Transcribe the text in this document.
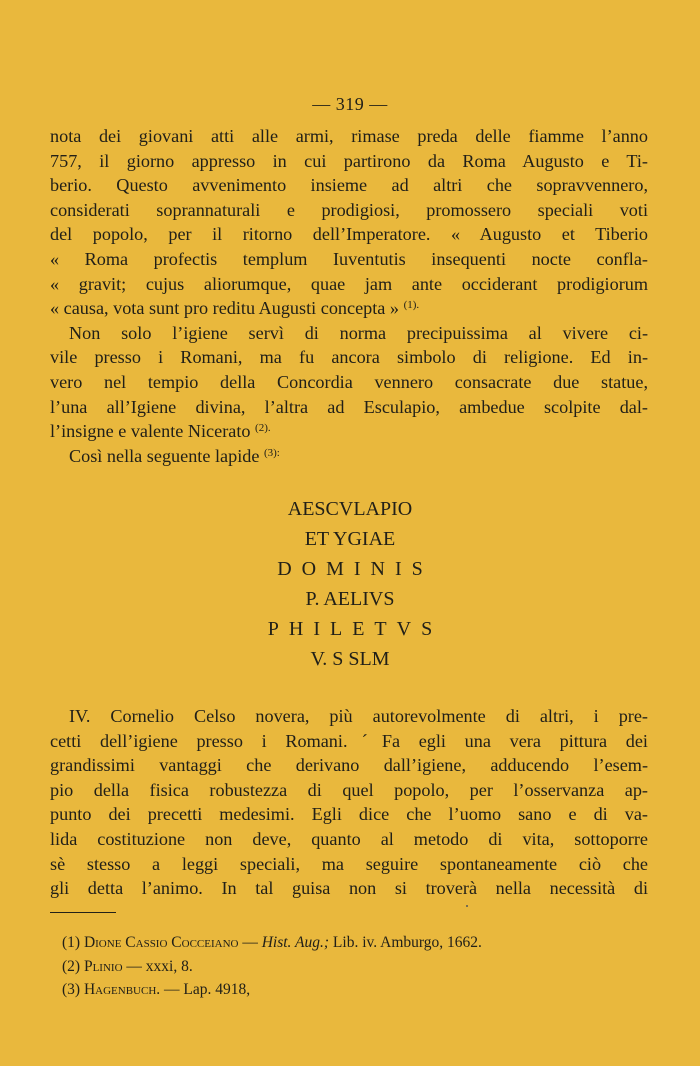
— 319 —
nota dei giovani atti alle armi, rimase preda delle fiamme l’anno
757, il giorno appresso in cui partirono da Roma Augusto e Ti-
berio. Questo avvenimento insieme ad altri che sopravvennero,
considerati soprannaturali e prodigiosi, promossero speciali voti
del popolo, per il ritorno dell’Imperatore. « Augusto et Tiberio
« Roma profectis templum Iuventutis insequenti nocte confla-
« gravit; cujus aliorumque, quae jam ante occiderant prodigiorum
« causa, vota sunt pro reditu Augusti concepta » $^{(1).}$
Non solo l’igiene servì di norma precipuissima al vivere ci-
vile presso i Romani, ma fu ancora simbolo di religione. Ed in-
vero nel tempio della Concordia vennero consacrate due statue,
l’una all’Igiene divina, l’altra ad Esculapio, ambedue scolpite dal-
l’insigne e valente Nicerato $^{(2).}$
Così nella seguente lapide $^{(3):}$
AESCVLAPIO
ET YGIAE
DOMINIS
P. AELIVS
PHILETVS
V. S SLM
IV. Cornelio Celso novera, più autorevolmente di altri, i pre-
cetti dell’igiene presso i Romani.ˊFa egli una vera pittura dei
grandissimi vantaggi che derivano dall’igiene, adducendo l’esem-
pio della fisica robustezza di quel popolo, per l’osservanza ap-
punto dei precetti medesimi. Egli dice che l’uomo sano e di va-
lida costituzione non deve, quanto al metodo di vita, sottoporre
sè stesso a leggi speciali, ma seguire spontaneamente ciò che
gli detta l’animo. In tal guisa non si troverà nella necessità di
(1) Dione Cassio Cocceiano — Hist. Aug.; Lib. iv. Amburgo, 1662.
(2) Plinio — xxxi, 8.
(3) Hagenbuch. — Lap. 4918,
